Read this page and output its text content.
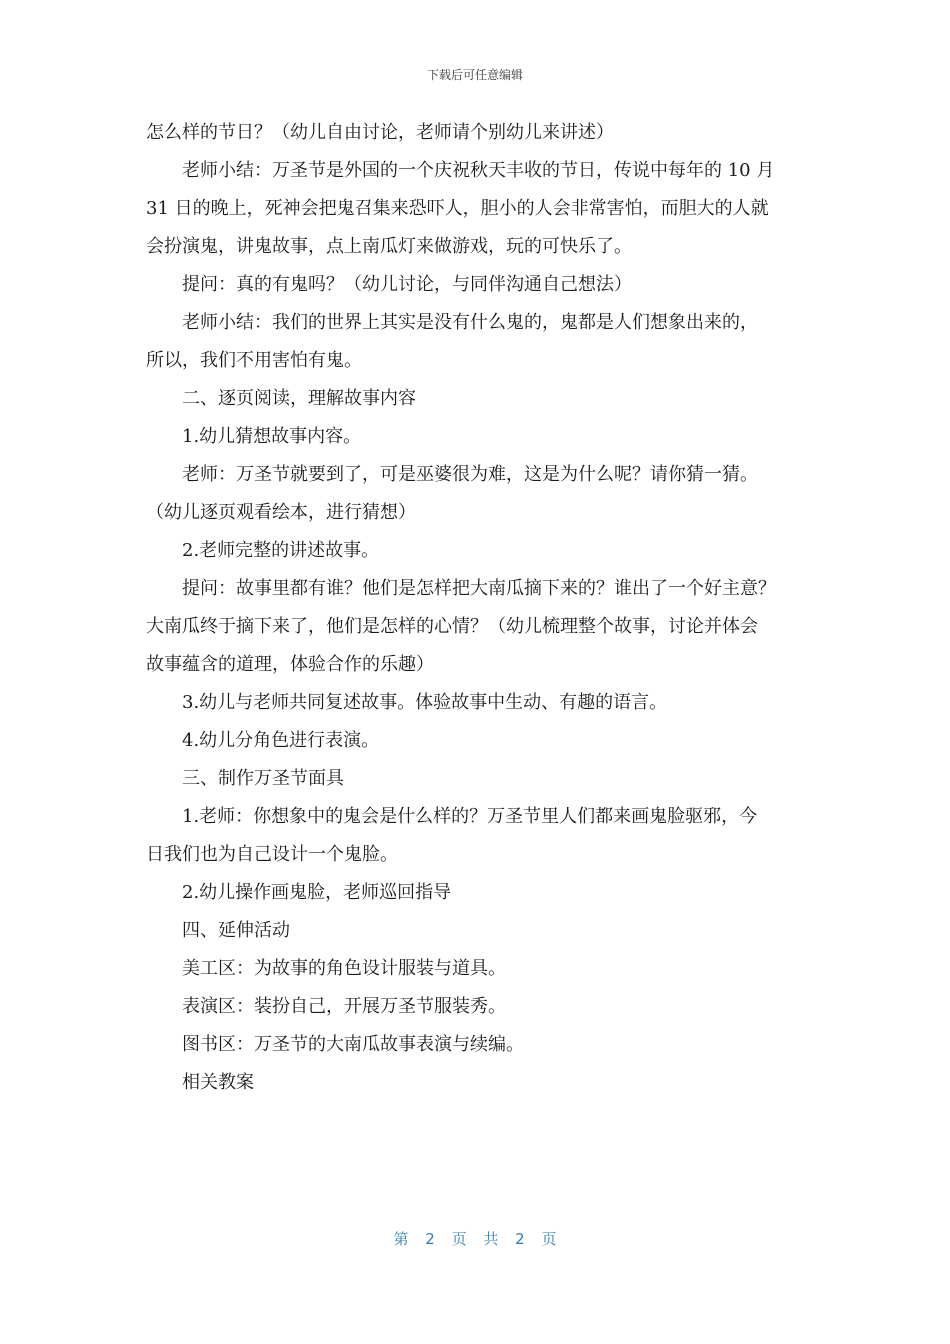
下载后可任意编辑

怎么样的节日？（幼儿自由讨论，老师请个别幼儿来讲述）

老师小结：万圣节是外国的一个庆祝秋天丰收的节日，传说中每年的 10 月

31 日的晚上，死神会把鬼召集来恐吓人，胆小的人会非常害怕，而胆大的人就

会扮演鬼，讲鬼故事，点上南瓜灯来做游戏，玩的可快乐了。

提问：真的有鬼吗？（幼儿讨论，与同伴沟通自己想法）

老师小结：我们的世界上其实是没有什么鬼的，鬼都是人们想象出来的，

所以，我们不用害怕有鬼。

二、逐页阅读，理解故事内容

1.幼儿猜想故事内容。

老师：万圣节就要到了，可是巫婆很为难，这是为什么呢？请你猜一猜。

（幼儿逐页观看绘本，进行猜想）

2.老师完整的讲述故事。

提问：故事里都有谁？他们是怎样把大南瓜摘下来的？谁出了一个好主意？

大南瓜终于摘下来了，他们是怎样的心情？（幼儿梳理整个故事，讨论并体会

故事蕴含的道理，体验合作的乐趣）

3.幼儿与老师共同复述故事。体验故事中生动、有趣的语言。

4.幼儿分角色进行表演。

三、制作万圣节面具

1.老师：你想象中的鬼会是什么样的？万圣节里人们都来画鬼脸驱邪，今

日我们也为自己设计一个鬼脸。

2.幼儿操作画鬼脸，老师巡回指导

四、延伸活动

美工区：为故事的角色设计服装与道具。

表演区：装扮自己，开展万圣节服装秀。

图书区：万圣节的大南瓜故事表演与续编。

相关教案

第 2 页 共 2 页
